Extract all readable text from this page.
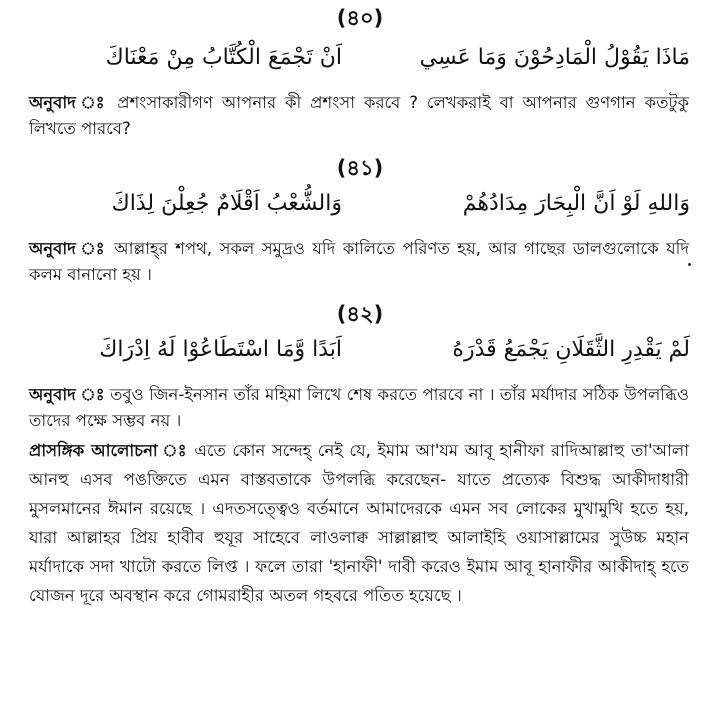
(৪০)
مَاذَا يَقُوْلُ الْمَادِحُوْنَ وَمَا عَسِي
اَنْ تَجْمَعَ الْكُتَّابُ مِنْ مَعْنَاكَ
অনুবাদ ঃ প্রশংসাকারীগণ আপনার কী প্রশংসা করবে ? লেখকরাই বা আপনার গুণগান কতটুকু লিখতে পারবে?
(৪১)
وَاللهِ لَوْ اَنَّ الْبِحَارَ مِدَادُهُمْ
وَالشُّعْبُ اَقْلَامٌ جُعِلْنَ لِذَاكَ
অনুবাদ ঃ আল্লাহ্‌র শপথ, সকল সমুদ্রও যদি কালিতে পরিণত হয়, আর গাছের ডালগুলোকে যদি কলম বানানো হয় ।
(৪২)
لَمْ يَقْدِرِ الثَّقَلَانِ يَجْمَعُ قَدْرَهُ
اَبَدًا وَّمَا اسْتَطَاعُوْا لَهُ اِدْرَاكَ
অনুবাদ ঃ তবুও জিন-ইনসান তাঁর মহিমা লিখে শেষ করতে পারবে না । তাঁর মর্যাদার সঠিক উপলব্ধিও তাদের পক্ষে সম্ভব নয় ।
প্রাসঙ্গিক আলোচনা ঃ এতে কোন সন্দেহ্ নেই যে, ইমাম আ'যম আবূ হানীফা রাদিআল্লাহু তা'আলা আনহু এসব পঙক্তিতে এমন বাস্তবতাকে উপলব্ধি করেছেন- যাতে প্রত্যেক বিশুদ্ধ আকীদাধারী মুসলমানের ঈমান রয়েছে । এদতসত্ত্বেও বর্তমানে আমাদেরকে এমন সব লোকের মুখামুখি হতে হয়, যারা আল্লাহর প্রিয় হাবীব হুযূর সাহেবে লাওলাক্ব সাল্লাল্লাহু আলাইহি ওয়াসাল্লামের সুউচ্চ মহান মর্যাদাকে সদা খাটো করতে লিপ্ত । ফলে তারা 'হানাফী' দাবী করেও ইমাম আবূ হানাফীর আকীদাহ্ হতে যোজন দূরে অবস্থান করে গোমরাহীর অতল গহবরে পতিত হয়েছে ।
